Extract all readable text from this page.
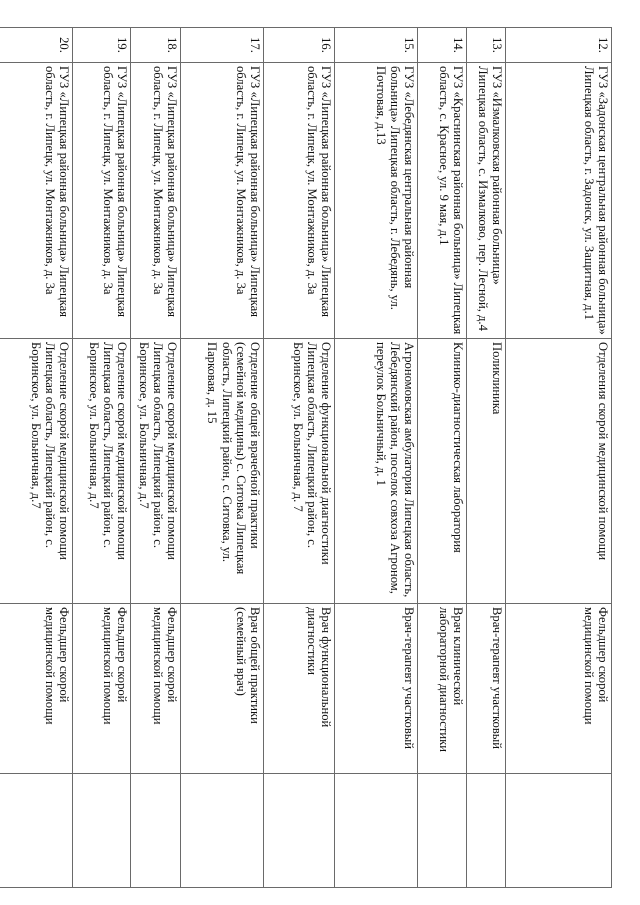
12.	ГУЗ «Задонская центральная районная больница» Липецкая область, г. Задонск, ул. Защитная, д.1	Отделения скорой медицинской помощи	Фельдшер скорой медицинской помощи	
13.	ГУЗ «Измалковская районная больница» Липецкая область, с. Измалково, пер. Лесной, д.4	Поликлиника	Врач-терапевт участковый	
14.	ГУЗ «Краснинская районная больница» Липецкая область, с. Красное, ул. 9 мая, д.1	Клинико-диагностическая лаборатория	Врач клинической лабораторной диагностики	
15.	ГУЗ «Лебедянская центральная районная больница» Липецкая область, г. Лебедянь, ул. Почтовая, д.13	Агрономовская амбулатория Липецкая область, Лебедянский район, поселок совхоза Агроном, переулок Больничный, д. 1	Врач-терапевт участковый	
16.	ГУЗ «Липецкая районная больница» Липецкая область, г. Липецк, ул. Монтажников, д. 3а	Отделение функциональной диагностики Липецкая область, Липецкий район, с. Боринское, ул. Больничная, д. 7	Врач функциональной диагностики	
17.	ГУЗ «Липецкая районная больница» Липецкая область, г. Липецк, ул. Монтажников, д. 3а	Отделение общей врачебной практики (семейной медицины) с. Ситовка Липецкая область, Липецкий район, с. Ситовка, ул. Парковая, д. 15	Врач общей практики (семейный врач)	
18.	ГУЗ «Липецкая районная больница» Липецкая область, г. Липецк, ул. Монтажников, д. 3а	Отделение скорой медицинской помощи Липецкая область, Липецкий район, с. Боринское, ул. Больничная, д.7	Фельдшер скорой медицинской помощи	
19.	ГУЗ «Липецкая районная больница» Липецкая область, г. Липецк, ул. Монтажников, д. 3а	Отделение скорой медицинской помощи Липецкая область, Липецкий район, с. Боринское, ул. Больничная, д.7	Фельдшер скорой медицинской помощи	
20.	ГУЗ «Липецкая районная больница» Липецкая область, г. Липецк, ул. Монтажников, д. 3а	Отделение скорой медицинской помощи Липецкая область, Липецкий район, с. Боринское, ул. Больничная, д.7	Фельдшер скорой медицинской помощи	
